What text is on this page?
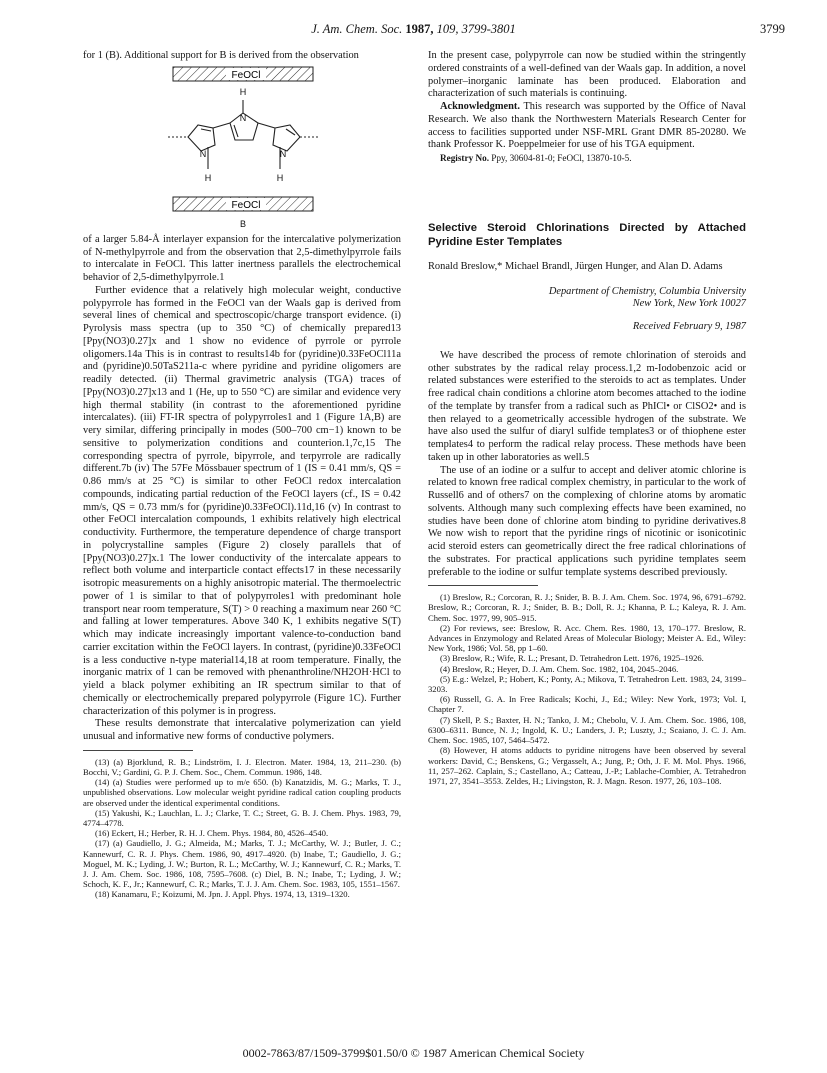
J. Am. Chem. Soc. 1987, 109, 3799-3801	3799

for 1 (B). Additional support for B is derived from the observation

FeOCl
FeOCl
H
N
N	N
H	H
B

of a larger 5.84-Å interlayer expansion for the intercalative polymerization of N-methylpyrrole and from the observation that 2,5-dimethylpyrrole fails to intercalate in FeOCl. This latter inertness parallels the electrochemical behavior of 2,5-dimethylpyrrole.1

Further evidence that a relatively high molecular weight, conductive polypyrrole has formed in the FeOCl van der Waals gap is derived from several lines of chemical and spectroscopic/charge transport evidence. (i) Pyrolysis mass spectra (up to 350 °C) of chemically prepared13 [Ppy(NO3)0.27]x and 1 show no evidence of pyrrole or pyrrole oligomers.14a This is in contrast to results14b for (pyridine)0.33FeOCl11a and (pyridine)0.50TaS211a-c where pyridine and pyridine oligomers are readily detected. (ii) Thermal gravimetric analysis (TGA) traces of [Ppy(NO3)0.27]x13 and 1 (He, up to 550 °C) are similar and evidence very high thermal stability (in contrast to the aforementioned pyridine intercalates). (iii) FT-IR spectra of polypyrroles1 and 1 (Figure 1A,B) are very similar, differing principally in modes (500–700 cm−1) known to be sensitive to polymerization conditions and counterion.1,7c,15 The corresponding spectra of pyrrole, bipyrrole, and terpyrrole are radically different.7b (iv) The 57Fe Mössbauer spectrum of 1 (IS = 0.41 mm/s, QS = 0.86 mm/s at 25 °C) is similar to other FeOCl redox intercalation compounds, indicating partial reduction of the FeOCl layers (cf., IS = 0.42 mm/s, QS = 0.73 mm/s for (pyridine)0.33FeOCl).11d,16 (v) In contrast to other FeOCl intercalation compounds, 1 exhibits relatively high electrical conductivity. Furthermore, the temperature dependence of charge transport in polycrystalline samples (Figure 2) closely parallels that of [Ppy(NO3)0.27]x.1 The lower conductivity of the intercalate appears to reflect both volume and interparticle contact effects17 in these necessarily isotropic measurements on a highly anisotropic material. The thermoelectric power of 1 is similar to that of polypyrroles1 with predominant hole transport near room temperature, S(T) > 0 reaching a maximum near 260 °C and falling at lower temperatures. Above 340 K, 1 exhibits negative S(T) which may indicate increasingly important valence-to-conduction band carrier excitation within the FeOCl layers. In contrast, (pyridine)0.33FeOCl is a less conductive n-type material14,18 at room temperature. Finally, the inorganic matrix of 1 can be removed with phenanthroline/NH2OH·HCl to yield a black polymer exhibiting an IR spectrum similar to that of chemically or electrochemically prepared polypyrrole (Figure 1C). Further characterization of this polymer is in progress.

These results demonstrate that intercalative polymerization can yield unusual and informative new forms of conductive polymers.

(13) (a) Bjorklund, R. B.; Lindström, I. J. Electron. Mater. 1984, 13, 211–230. (b) Bocchi, V.; Gardini, G. P. J. Chem. Soc., Chem. Commun. 1986, 148.

(14) (a) Studies were performed up to m/e 650. (b) Kanatzidis, M. G.; Marks, T. J., unpublished observations. Low molecular weight pyridine radical cation coupling products are observed under the identical experimental conditions.

(15) Yakushi, K.; Lauchlan, L. J.; Clarke, T. C.; Street, G. B. J. Chem. Phys. 1983, 79, 4774–4778.

(16) Eckert, H.; Herber, R. H. J. Chem. Phys. 1984, 80, 4526–4540.

(17) (a) Gaudiello, J. G.; Almeida, M.; Marks, T. J.; McCarthy, W. J.; Butler, J. C.; Kannewurf, C. R. J. Phys. Chem. 1986, 90, 4917–4920. (b) Inabe, T.; Gaudiello, J. G.; Moguel, M. K.; Lyding, J. W.; Burton, R. L.; McCarthy, W. J.; Kannewurf, C. R.; Marks, T. J. J. Am. Chem. Soc. 1986, 108, 7595–7608. (c) Diel, B. N.; Inabe, T.; Lyding, J. W.; Schoch, K. F., Jr.; Kannewurf, C. R.; Marks, T. J. J. Am. Chem. Soc. 1983, 105, 1551–1567.

(18) Kanamaru, F.; Koizumi, M. Jpn. J. Appl. Phys. 1974, 13, 1319–1320.

In the present case, polypyrrole can now be studied within the stringently ordered constraints of a well-defined van der Waals gap. In addition, a novel polymer–inorganic laminate has been produced. Elaboration and characterization of such materials is continuing.

Acknowledgment. This research was supported by the Office of Naval Research. We also thank the Northwestern Materials Research Center for access to facilities supported under NSF-MRL Grant DMR 85-20280. We thank Professor K. Poeppelmeier for use of his TGA equipment.

Registry No. Ppy, 30604-81-0; FeOCl, 13870-10-5.

Selective Steroid Chlorinations Directed by Attached Pyridine Ester Templates
Ronald Breslow,* Michael Brandl, Jürgen Hunger, and Alan D. Adams
Department of Chemistry, Columbia University
New York, New York 10027
Received February 9, 1987

We have described the process of remote chlorination of steroids and other substrates by the radical relay process.1,2 m-Iodobenzoic acid or related substances were esterified to the steroids to act as templates. Under free radical chain conditions a chlorine atom becomes attached to the iodine of the template by transfer from a radical such as PhICl• or ClSO2• and is then relayed to a geometrically accessible hydrogen of the substrate. We have also used the sulfur of diaryl sulfide templates3 or of thiophene ester templates4 to perform the radical relay process. These methods have been taken up in other laboratories as well.5

The use of an iodine or a sulfur to accept and deliver atomic chlorine is related to known free radical complex chemistry, in particular to the work of Russell6 and of others7 on the complexing of chlorine atoms by aromatic solvents. Although many such complexing effects have been examined, no studies have been done of chlorine atom binding to pyridine derivatives.8 We now wish to report that the pyridine rings of nicotinic or isonicotinic acid steroid esters can geometrically direct the free radical chlorinations of the substrates. For practical applications such pyridine templates seem preferable to the iodine or sulfur template systems described previously.

(1) Breslow, R.; Corcoran, R. J.; Snider, B. B. J. Am. Chem. Soc. 1974, 96, 6791–6792. Breslow, R.; Corcoran, R. J.; Snider, B. B.; Doll, R. J.; Khanna, P. L.; Kaleya, R. J. Am. Chem. Soc. 1977, 99, 905–915.

(2) For reviews, see: Breslow, R. Acc. Chem. Res. 1980, 13, 170–177. Breslow, R. Advances in Enzymology and Related Areas of Molecular Biology; Meister A. Ed., Wiley: New York, 1986; Vol. 58, pp 1–60.

(3) Breslow, R.; Wife, R. L.; Presant, D. Tetrahedron Lett. 1976, 1925–1926.

(4) Breslow, R.; Heyer, D. J. Am. Chem. Soc. 1982, 104, 2045–2046.

(5) E.g.: Welzel, P.; Hobert, K.; Ponty, A.; Mikova, T. Tetrahedron Lett. 1983, 24, 3199–3203.

(6) Russell, G. A. In Free Radicals; Kochi, J., Ed.; Wiley: New York, 1973; Vol. I, Chapter 7.

(7) Skell, P. S.; Baxter, H. N.; Tanko, J. M.; Chebolu, V. J. Am. Chem. Soc. 1986, 108, 6300–6311. Bunce, N. J.; Ingold, K. U.; Landers, J. P.; Luszty, J.; Scaiano, J. C. J. Am. Chem. Soc. 1985, 107, 5464–5472.

(8) However, H atoms adducts to pyridine nitrogens have been observed by several workers: David, C.; Benskens, G.; Vergasselt, A.; Jung, P.; Oth, J. F. M. Mol. Phys. 1966, 11, 257–262. Caplain, S.; Castellano, A.; Catteau, J.-P.; Lablache-Combier, A. Tetrahedron 1971, 27, 3541–3553. Zeldes, H.; Livingston, R. J. Magn. Reson. 1977, 26, 103–108.

0002-7863/87/1509-3799$01.50/0 © 1987 American Chemical Society
